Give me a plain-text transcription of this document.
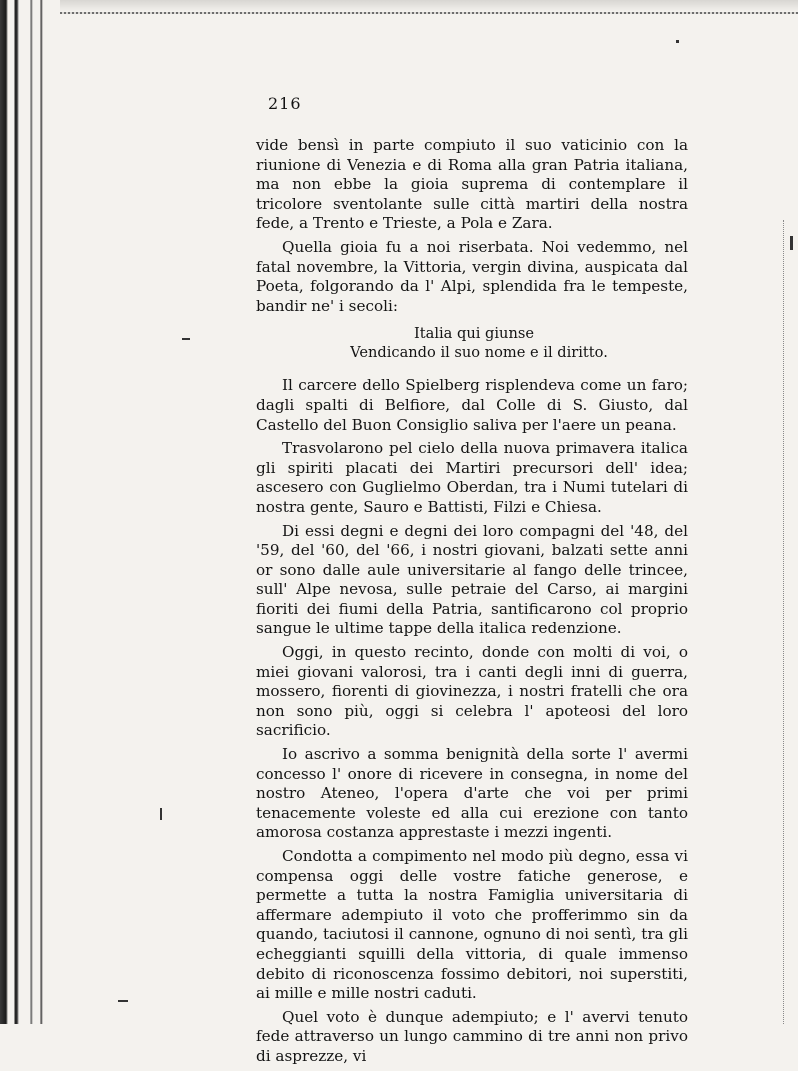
216

vide bensì in parte compiuto il suo vaticinio con la riunione di Venezia e di Roma alla gran Patria italiana, ma non ebbe la gioia suprema di contemplare il tricolore sventolante sulle città martiri della nostra fede, a Trento e Trieste, a Pola e Zara.

Quella gioia fu a noi riserbata. Noi vedemmo, nel fatal novembre, la Vittoria, vergin divina, auspicata dal Poeta, folgorando da l' Alpi, splendida fra le tempeste, bandir ne' i secoli:

Italia qui giunse
Vendicando il suo nome e il diritto.

Il carcere dello Spielberg risplendeva come un faro; dagli spalti di Belfiore, dal Colle di S. Giusto, dal Castello del Buon Consiglio saliva per l'aere un peana.

Trasvolarono pel cielo della nuova primavera italica gli spiriti placati dei Martiri precursori dell' idea; ascesero con Guglielmo Oberdan, tra i Numi tutelari di nostra gente, Sauro e Battisti, Filzi e Chiesa.

Di essi degni e degni dei loro compagni del '48, del '59, del '60, del '66, i nostri giovani, balzati sette anni or sono dalle aule universitarie al fango delle trincee, sull' Alpe nevosa, sulle petraie del Carso, ai margini fioriti dei fiumi della Patria, santificarono col proprio sangue le ultime tappe della italica redenzione.

Oggi, in questo recinto, donde con molti di voi, o miei giovani valorosi, tra i canti degli inni di guerra, mossero, fiorenti di giovinezza, i nostri fratelli che ora non sono più, oggi si celebra l' apoteosi del loro sacrificio.

Io ascrivo a somma benignità della sorte l' avermi concesso l' onore di ricevere in consegna, in nome del nostro Ateneo, l'opera d'arte che voi per primi tenacemente voleste ed alla cui erezione con tanto amorosa costanza apprestaste i mezzi ingenti.

Condotta a compimento nel modo più degno, essa vi compensa oggi delle vostre fatiche generose, e permette a tutta la nostra Famiglia universitaria di affermare adempiuto il voto che profferimmo sin da quando, taciutosi il cannone, ognuno di noi sentì, tra gli echeggianti squilli della vittoria, di quale immenso debito di riconoscenza fossimo debitori, noi superstiti, ai mille e mille nostri caduti.

Quel voto è dunque adempiuto; e l' avervi tenuto fede attraverso un lungo cammino di tre anni non privo di asprezze, vi
